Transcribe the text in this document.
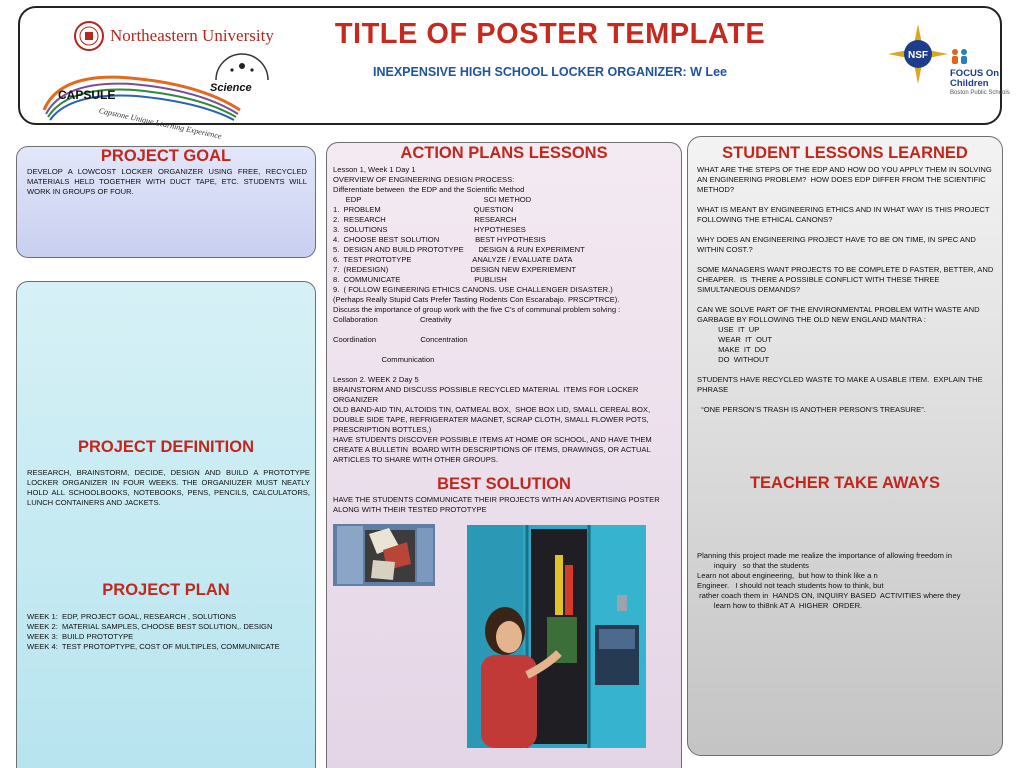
Northeastern University	TITLE OF POSTER TEMPLATE
INEXPENSIVE HIGH SCHOOL LOCKER ORGANIZER: W Lee
Science
CAPSULE
Capstone Unique Learning Experience
NSF
FOCUS On Children
Boston Public Schools
PROJECT GOAL

DEVELOP A LOWCOST LOCKER ORGANIZER USING FREE, RECYCLED MATERIALS HELD TOGETHER WITH DUCT TAPE, ETC. STUDENTS WILL WORK IN GROUPS OF FOUR.

PROJECT DEFINITION

RESEARCH, BRAINSTORM, DECIDE, DESIGN AND BUILD A PROTOTYPE LOCKER ORGANIZER IN FOUR WEEKS. THE ORGANIUZER MUST NEATLY HOLD ALL SCHOOLBOOKS, NOTEBOOKS, PENS, PENCILS, CALCULATORS, LUNCH CONTAINERS AND JACKETS.

PROJECT PLAN

WEEK 1:  EDP, PROJECT GOAL, RESEARCH , SOLUTIONS

WEEK 2:  MATERIAL SAMPLES, CHOOSE BEST SOLUTION,. DESIGN

WEEK 3:  BUILD PROTOTYPE

WEEK 4:  TEST PROTOPTYPE, COST OF MULTIPLES, COMMUNIICATE

ACTION PLANS LESSONS

Lesson 1, Week 1 Day 1
OVERVIEW OF ENGINEERING DESIGN PROCESS:
Differentiate between  the EDP and the Scientific Method
EDP                                                          SCI METHOD
1.  PROBLEM                                            QUESTION
2.  RESEARCH                                          RESEARCH
3.  SOLUTIONS                                         HYPOTHESES
4.  CHOOSE BEST SOLUTION                 BEST HYPOTHESIS
5.  DESIGN AND BUILD PROTOTYPE       DESIGN & RUN EXPERIMENT
6.  TEST PROTOTYPE                             ANALYZE / EVALUATE DATA
7.  (REDESIGN)                                       DESIGN NEW EXPERIEMENT
8.  COMMUNICATE                                   PUBLISH
9.  ( FOLLOW EGINEERING ETHICS CANONS. USE CHALLENGER DISASTER.)
(Perhaps Really Stupid Cats Prefer Tasting Rodents Con Escarabajo. PRSCPTRCE).
Discuss the importance of group work with the five C’s of communal problem solving :
Collaboration                    Creativity

Coordination                     Concentration

Communication

Lesson 2. WEEK 2 Day 5
BRAINSTORM AND DISCUSS POSSIBLE RECYCLED MATERIAL  ITEMS FOR LOCKER ORGANIZER
OLD BAND-AID TIN, ALTOIDS TIN, OATMEAL BOX,  SHOE BOX LID, SMALL CEREAL BOX, DOUBLE SIDE TAPE, REFRIGERATER MAGNET, SCRAP CLOTH, SMALL FLOWER POTS, PRESCRIPTION BOTTLES,)
HAVE STUDENTS DISCOVER POSSIBLE ITEMS AT HOME OR SCHOOL, AND HAVE THEM CREATE A BULLETIN  BOARD WITH DESCRIPTIONS OF ITEMS, DRAWINGS, OR ACTUAL ARTICLES TO SHARE WITH OTHER GROUPS.

BEST SOLUTION

HAVE THE STUDENTS COMMUNICATE THEIR PROJECTS WITH AN ADVERTISING POSTER ALONG WITH THEIR TESTED PROTOTYPE

STUDENT LESSONS LEARNED

WHAT ARE THE STEPS OF THE EDP AND HOW DO YOU APPLY THEM IN SOLVING AN ENGINEERING PROBLEM?  HOW DOES EDP DIFFER FROM THE SCIENTIFIC METHOD?

WHAT IS MEANT BY ENGINEERING ETHICS AND IN WHAT WAY IS THIS PROJECT FOLLOWING THE ETHICAL CANONS?

WHY DOES AN ENGINEERING PROJECT HAVE TO BE ON TIME, IN SPEC AND WITHIN COST.?

SOME MANAGERS WANT PROJECTS TO BE COMPLETE D FASTER, BETTER, AND CHEAPER.  IS  THERE A POSSIBLE CONFLICT WITH THESE THREE SIMULTANEOUS DEMANDS?

CAN WE SOLVE PART OF THE ENVIRONMENTAL PROBLEM WITH WASTE AND GARBAGE BY FOLLOWING THE OLD NEW ENGLAND MANTRA :
USE  IT  UP
WEAR  IT  OUT
MAKE  IT  DO
DO  WITHOUT

STUDENTS HAVE RECYCLED WASTE TO MAKE A USABLE ITEM.  EXPLAIN THE PHRASE

“ONE PERSON’S TRASH IS ANOTHER PERSON’S TREASURE”.

TEACHER TAKE AWAYS

Planning this project made me realize the importance of allowing freedom in
inquiry   so that the students
Learn not about engineering,  but how to think like a n
Engineer.   I should not teach students how to think, but
rather coach them in  HANDS ON, INQUIRY BASED  ACTIVITIES where they
learn how to thi8nk AT A  HIGHER  ORDER.
